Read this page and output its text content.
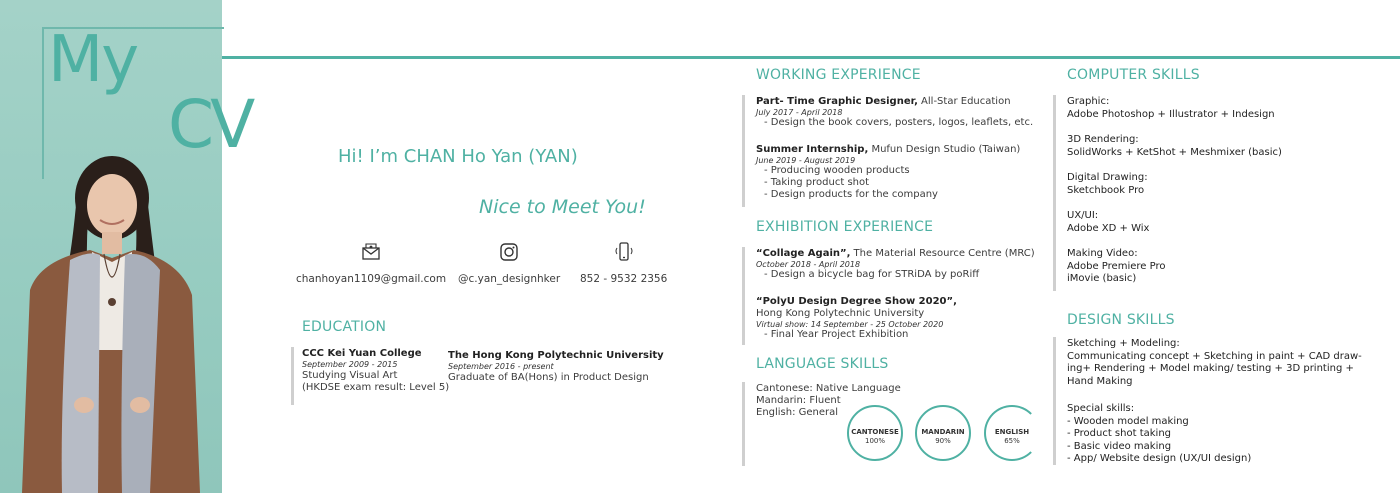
My
CV	Hi! I’m CHAN Ho Yan (YAN)
Nice to Meet You!
chanhoyan1109@gmail.com @c.yan_designhker 852 - 9532 2356
EDUCATION
CCC Kei Yuan College
September 2009 - 2015
Studying Visual Art
(HKDSE exam result: Level 5)
The Hong Kong Polytechnic University
September 2016 - present
Graduate of BA(Hons) in Product Design
WORKING EXPERIENCE
Part- Time Graphic Designer, All-Star Education
July 2017 - April 2018
- Design the book covers, posters, logos, leaflets, etc.
Summer Internship, Mufun Design Studio (Taiwan)
June 2019 - August 2019
- Producing wooden products
- Taking product shot
- Design products for the company
EXHIBITION EXPERIENCE
“Collage Again”, The Material Resource Centre (MRC)
October 2018 - April 2018
- Design a bicycle bag for STRiDA by poRiff
“PolyU Design Degree Show 2020”,
Hong Kong Polytechnic University
Virtual show: 14 September - 25 October 2020
- Final Year Project Exhibition
LANGUAGE SKILLS
Cantonese: Native Language
Mandarin: Fluent
English: General
CANTONESE
100%
MANDARIN
90%
ENGLISH
65%
COMPUTER SKILLS
Graphic:
Adobe Photoshop + Illustrator + Indesign
3D Rendering:
SolidWorks + KetShot + Meshmixer (basic)
Digital Drawing:
Sketchbook Pro
UX/UI:
Adobe XD + Wix
Making Video:
Adobe Premiere Pro
iMovie (basic)
DESIGN SKILLS
Sketching + Modeling:
Communicating concept + Sketching in paint + CAD draw-
ing+ Rendering + Model making/ testing + 3D printing +
Hand Making
Special skills:
- Wooden model making
- Product shot taking
- Basic video making
- App/ Website design (UX/UI design)
